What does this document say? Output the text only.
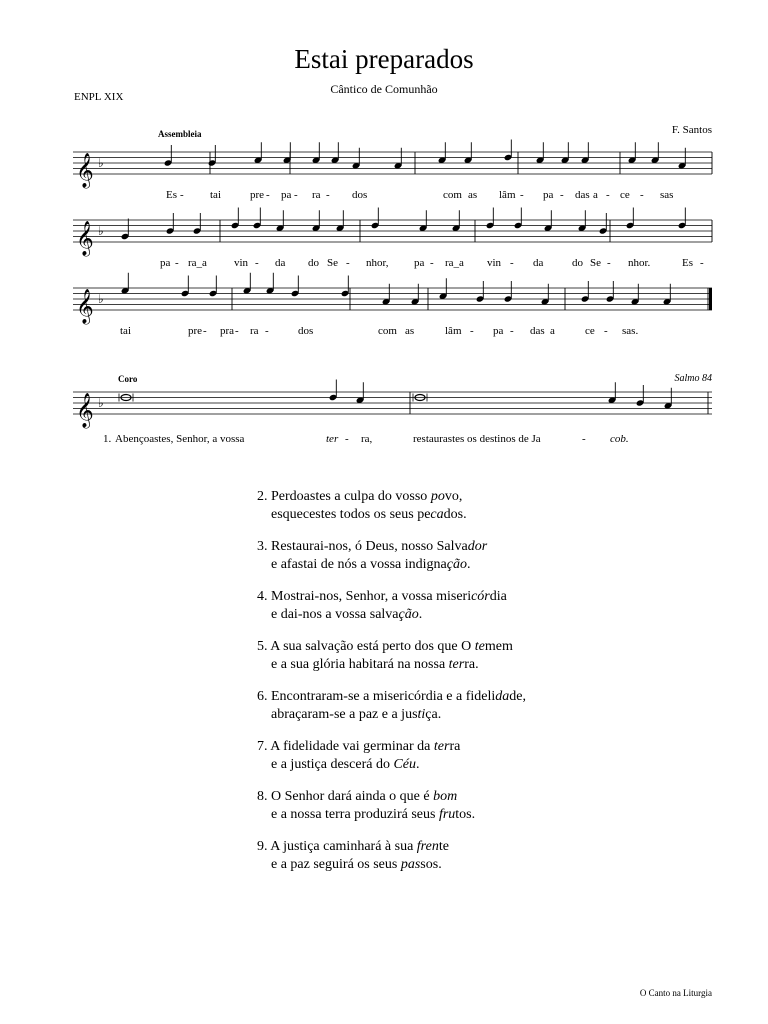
Estai preparados
Cântico de Comunhão
ENPL XIX
F. Santos
Assembleia
Coro	Salmo 84
𝄞 ♭
𝄞 ♭
𝄞 ♭
𝄞 ♭
Es - tai	pre - pa - ra - dos	com as lâm - pa - das a - ce - sas
pa - ra_a vin - da do Se - nhor, pa - ra_a vin - da	do Se - nhor.	Es -
tai	pre - pra - ra -	dos	com as	lâm - pa - das a	ce - sas.
1. Abençoastes, Senhor, a vossa	ter - ra,	restaurastes os destinos de Ja	- cob.
2. Perdoastes a culpa do vosso povo,
esquecestes todos os seus pecados.
3. Restaurai-nos, ó Deus, nosso Salvador
e afastai de nós a vossa indignação.
4. Mostrai-nos, Senhor, a vossa misericórdia
e dai-nos a vossa salvação.
5. A sua salvação está perto dos que O temem
e a sua glória habitará na nossa terra.
6. Encontraram-se a misericórdia e a fidelidade,
abraçaram-se a paz e a justiça.
7. A fidelidade vai germinar da terra
e a justiça descerá do Céu.
8. O Senhor dará ainda o que é bom
e a nossa terra produzirá seus frutos.
9. A justiça caminhará à sua frente
e a paz seguirá os seus passos.
O Canto na Liturgia
